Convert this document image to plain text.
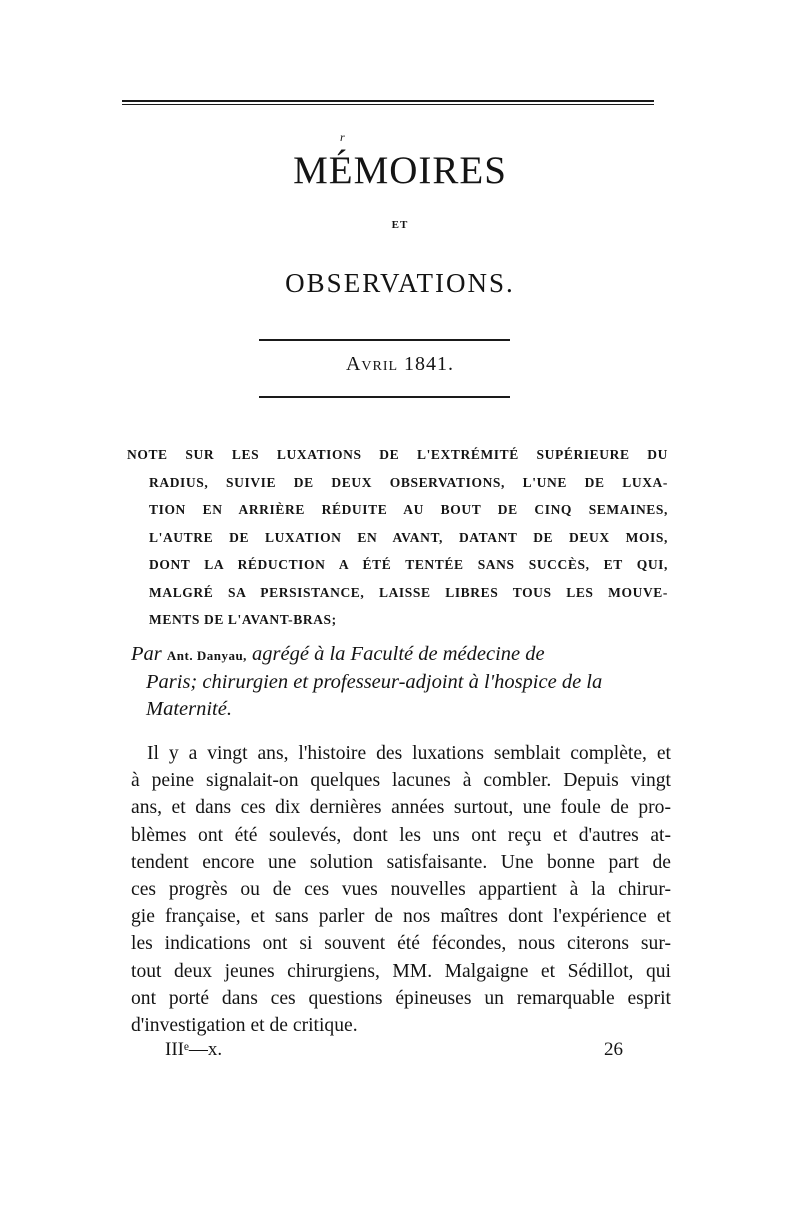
r
MÉMOIRES
ET
OBSERVATIONS.
Avril 1841.
NOTE SUR LES LUXATIONS DE L'EXTRÉMITÉ SUPÉRIEURE DU
RADIUS, SUIVIE DE DEUX OBSERVATIONS, L'UNE DE LUXA-
TION EN ARRIÈRE RÉDUITE AU BOUT DE CINQ SEMAINES,
L'AUTRE DE LUXATION EN AVANT, DATANT DE DEUX MOIS,
DONT LA RÉDUCTION A ÉTÉ TENTÉE SANS SUCCÈS, ET QUI,
MALGRÉ SA PERSISTANCE, LAISSE LIBRES TOUS LES MOUVE-
MENTS DE L'AVANT-BRAS;
Par Ant. Danyau, agrégé à la Faculté de médecine de
Paris; chirurgien et professeur-adjoint à l'hospice de la
Maternité.
Il y a vingt ans, l'histoire des luxations semblait complète, et
à peine signalait-on quelques lacunes à combler. Depuis vingt
ans, et dans ces dix dernières années surtout, une foule de pro-
blèmes ont été soulevés, dont les uns ont reçu et d'autres at-
tendent encore une solution satisfaisante. Une bonne part de
ces progrès ou de ces vues nouvelles appartient à la chirur-
gie française, et sans parler de nos maîtres dont l'expérience et
les indications ont si souvent été fécondes, nous citerons sur-
tout deux jeunes chirurgiens, MM. Malgaigne et Sédillot, qui
ont porté dans ces questions épineuses un remarquable esprit
d'investigation et de critique.
IIIᵉ—x.	26
